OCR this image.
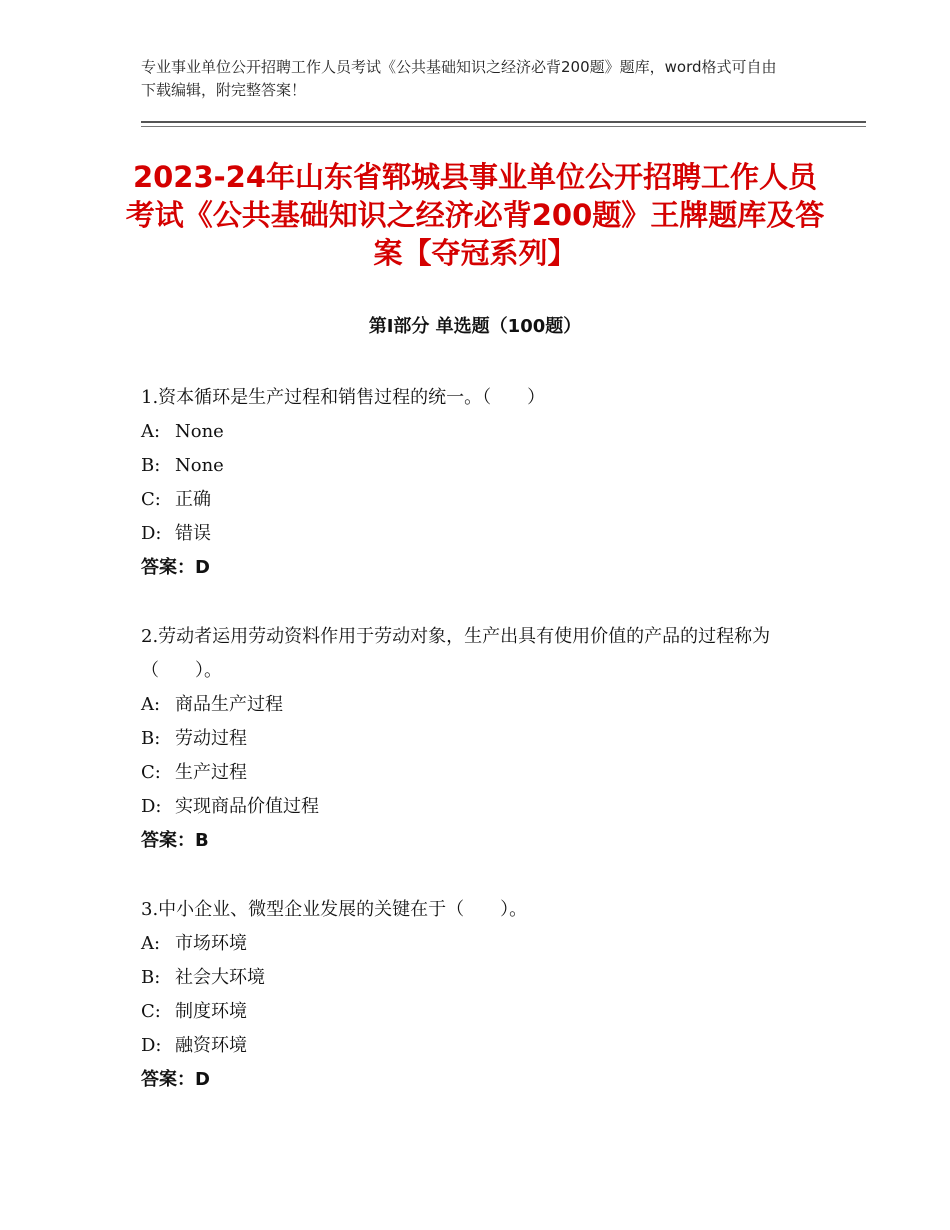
专业事业单位公开招聘工作人员考试《公共基础知识之经济必背200题》题库，word格式可自由下载编辑，附完整答案！
2023-24年山东省郓城县事业单位公开招聘工作人员考试《公共基础知识之经济必背200题》王牌题库及答案【夺冠系列】
第Ⅰ部分 单选题（100题）
1.资本循环是生产过程和销售过程的统一。（　　）
A: None
B: None
C: 正确
D: 错误
答案：D
2.劳动者运用劳动资料作用于劳动对象，生产出具有使用价值的产品的过程称为（　　）。
A: 商品生产过程
B: 劳动过程
C: 生产过程
D: 实现商品价值过程
答案：B
3.中小企业、微型企业发展的关键在于（　　）。
A: 市场环境
B: 社会大环境
C: 制度环境
D: 融资环境
答案：D
